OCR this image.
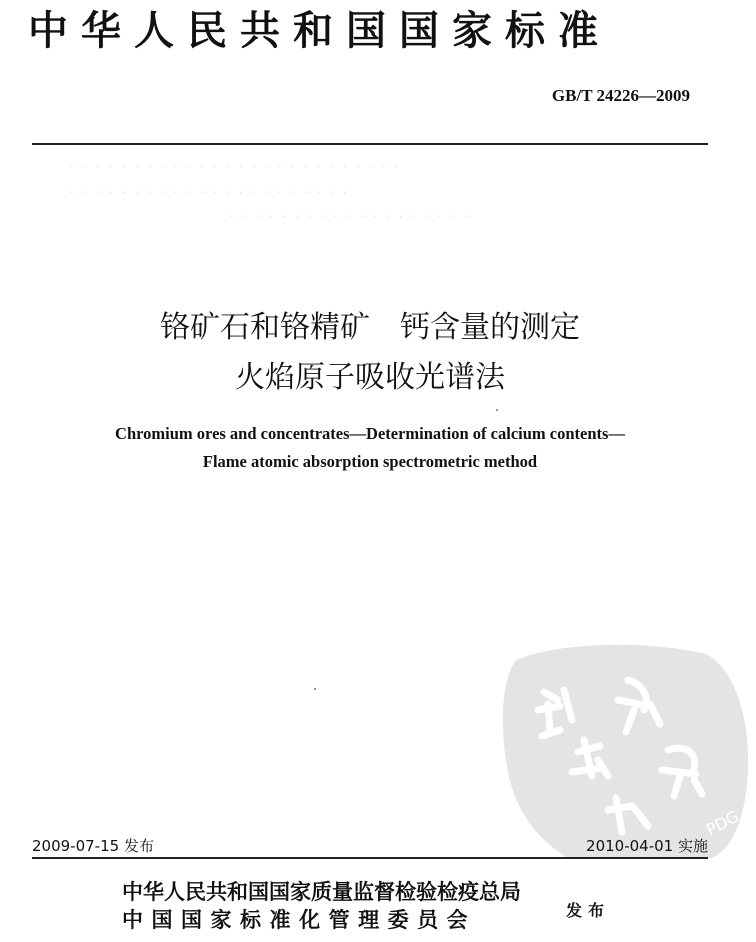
中华人民共和国国家标准
GB/T 24226—2009
· · · · · · · · · · · · · · · · · · · · · · · · · ·
· · · · · · · · · · · · · · · · · · · · · ·
· · · · · · · · · · · · · · · · · · ·
铬矿石和铬精矿　钙含量的测定
火焰原子吸收光谱法
Chromium ores and concentrates—Determination of calcium contents—
Flame atomic absorption spectrometric method
PDG
2009-07-15 发布	2010-04-01 实施
中华人民共和国国家质量监督检验检疫总局
中 国 国 家 标 准 化 管 理 委 员 会	发布
